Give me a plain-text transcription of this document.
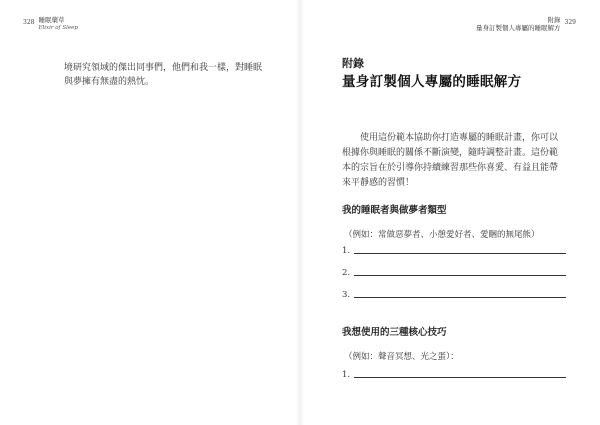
328 睡眠藥草
Elixir of Sleep

境研究領域的傑出同事們，他們和我一樣，對睡眠與夢擁有無盡的熱忱。

附錄
量身訂製個人專屬的睡眠解方
329
附錄
量身訂製個人專屬的睡眠解方

使用這份範本協助你打造專屬的睡眠計畫，你可以根據你與睡眠的關係不斷演變，隨時調整計畫。這份範本的宗旨在於引導你持續練習那些你喜愛、有益且能帶來平靜感的習慣！

我的睡眠者與做夢者類型
（例如：常做惡夢者、小憩愛好者、愛睏的無尾熊）
1.
2.
3.
我想使用的三種核心技巧
（例如：聲音冥想、光之蛋）：
1.
